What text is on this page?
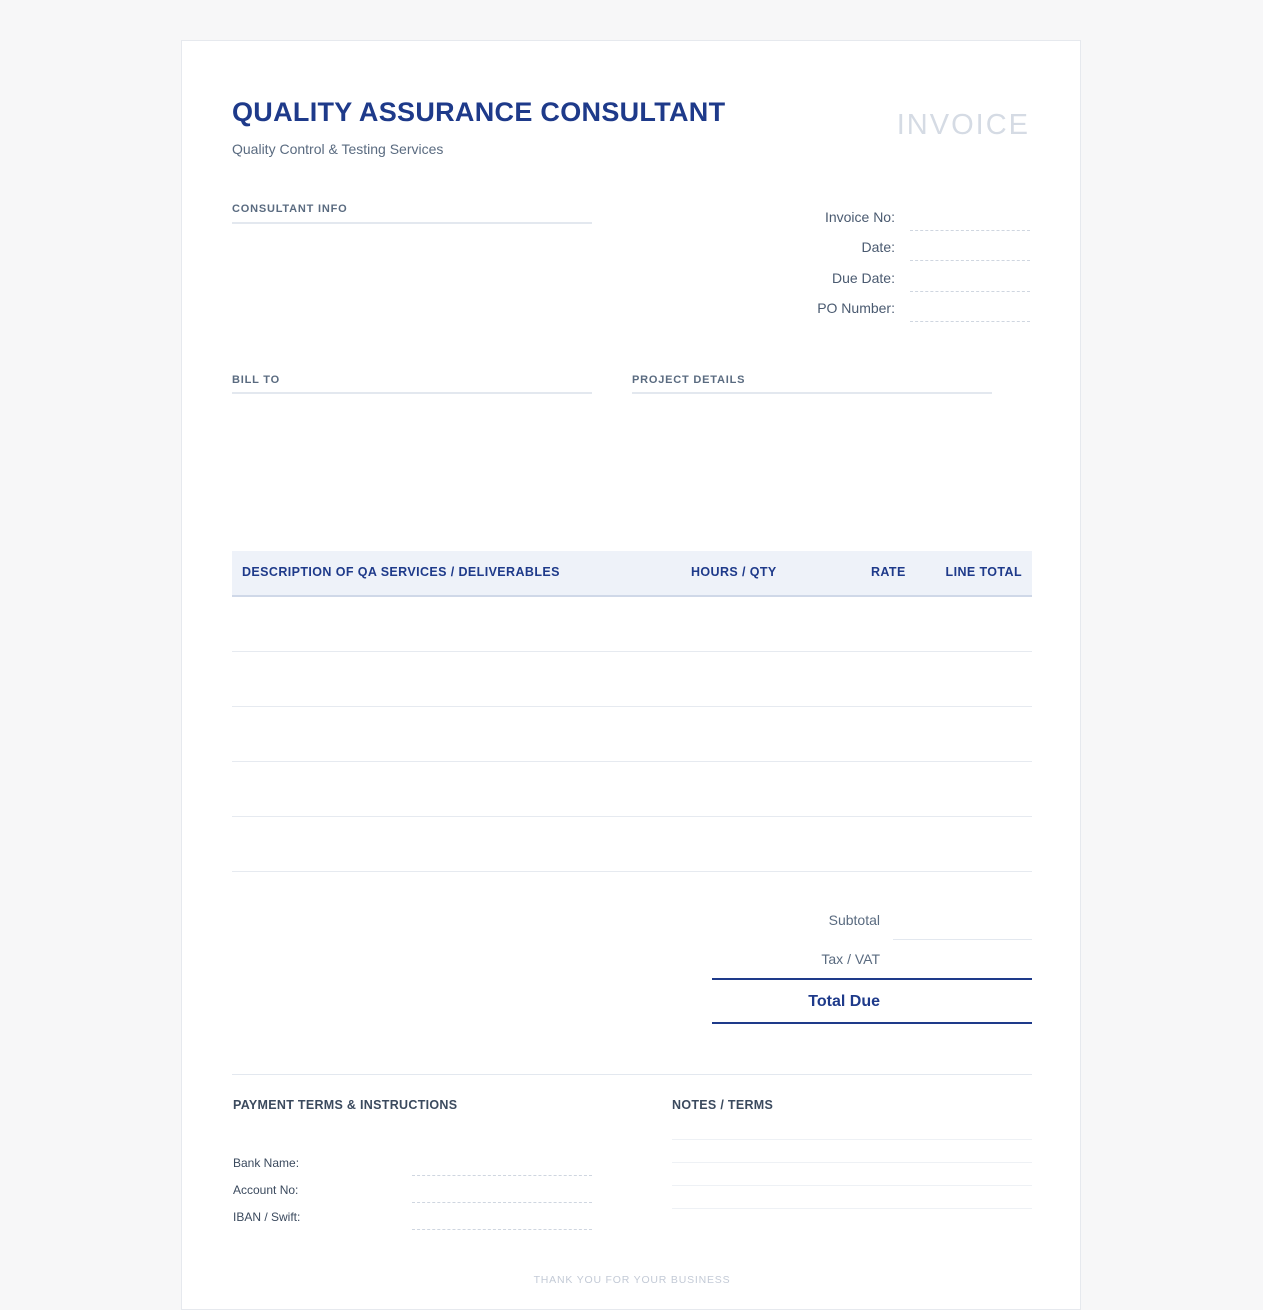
QUALITY ASSURANCE CONSULTANT
Quality Control & Testing Services
INVOICE
CONSULTANT INFO	Invoice No:
Date:
Due Date:
PO Number:
BILL TO	PROJECT DETAILS
DESCRIPTION OF QA SERVICES / DELIVERABLES	HOURS / QTY	RATE	LINE TOTAL
Subtotal
Tax / VAT
Total Due
PAYMENT TERMS & INSTRUCTIONS
Bank Name:
Account No:
IBAN / Swift:
NOTES / TERMS
THANK YOU FOR YOUR BUSINESS
